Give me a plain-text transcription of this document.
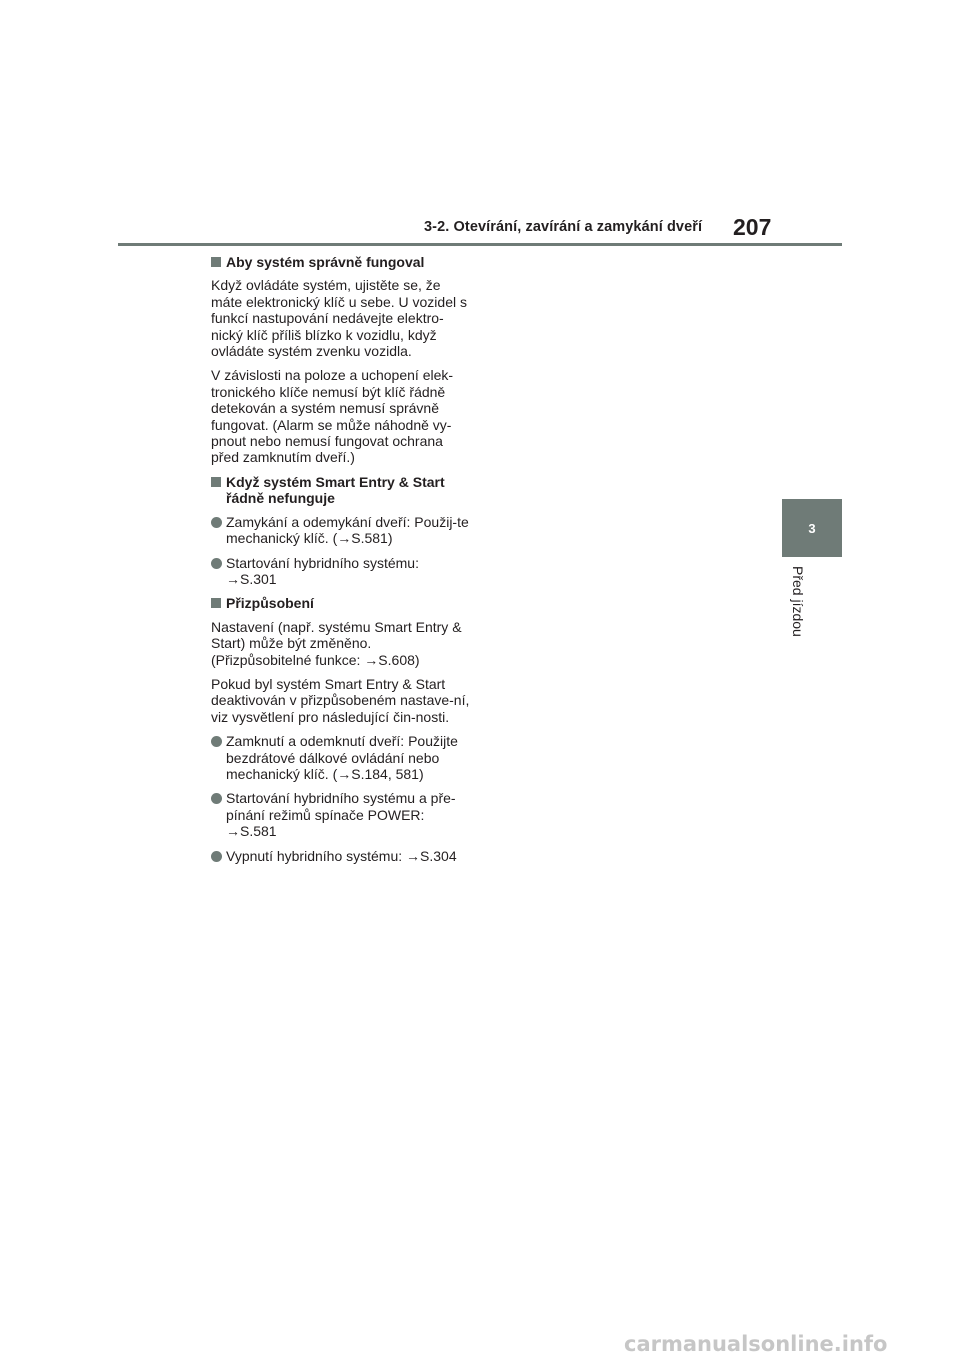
3-2. Otevírání, zavírání a zamykání dveří 207
3
Před jízdou

Aby systém správně fungoval

Když ovládáte systém, ujistěte se, že máte elektronický klíč u sebe. U vozidel s funkcí nastupování nedávejte elektro-nický klíč příliš blízko k vozidlu, když ovládáte systém zvenku vozidla.

V závislosti na poloze a uchopení elek-tronického klíče nemusí být klíč řádně detekován a systém nemusí správně fungovat. (Alarm se může náhodně vy-pnout nebo nemusí fungovat ochrana před zamknutím dveří.)

Když systém Smart Entry & Start řádně nefunguje

Zamykání a odemykání dveří: Použij-te mechanický klíč. (→S.581)

Startování hybridního systému: →S.301

Přizpůsobení

Nastavení (např. systému Smart Entry & Start) může být změněno. (Přizpůsobitelné funkce: →S.608)

Pokud byl systém Smart Entry & Start deaktivován v přizpůsobeném nastave-ní, viz vysvětlení pro následující čin-nosti.

Zamknutí a odemknutí dveří: Použijte bezdrátové dálkové ovládání nebo mechanický klíč. (→S.184, 581)

Startování hybridního systému a pře-pínání režimů spínače POWER: →S.581

Vypnutí hybridního systému: →S.304

carmanualsonline.info
